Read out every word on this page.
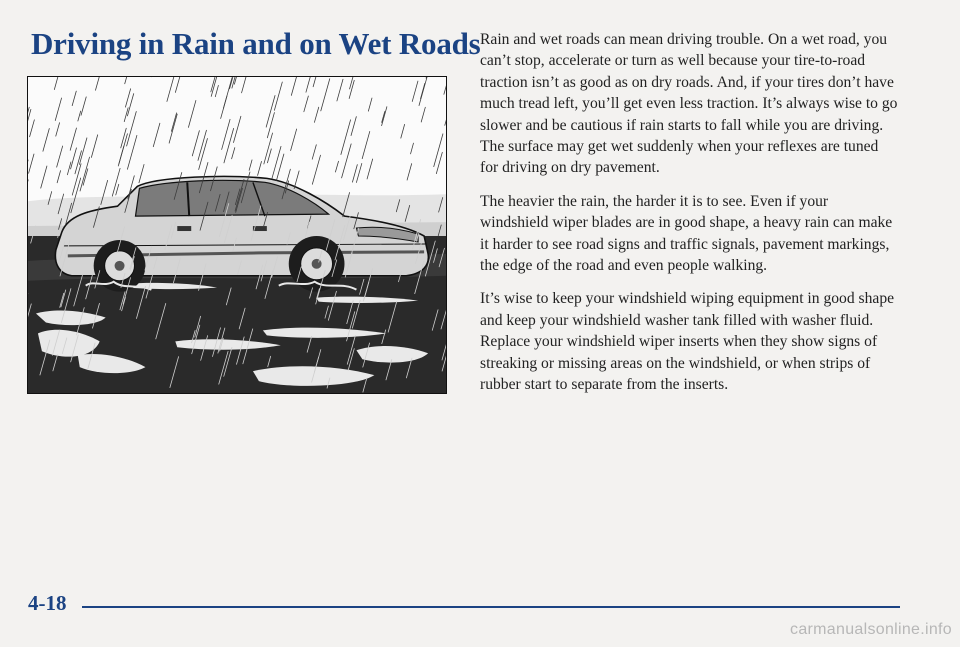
Driving in Rain and on Wet Roads Rain and wet roads can mean driving trouble. On a wet road, you can’t stop, accelerate or turn as well because your tire-to-road traction isn’t as good as on dry roads. And, if your tires don’t have much tread left, you’ll get even less traction. It’s always wise to go slower and be cautious if rain starts to fall while you are driving. The surface may get wet suddenly when your reflexes are tuned for driving on dry pavement.

The heavier the rain, the harder it is to see. Even if your windshield wiper blades are in good shape, a heavy rain can make it harder to see road signs and traffic signals, pavement markings, the edge of the road and even people walking.

It’s wise to keep your windshield wiping equipment in good shape and keep your windshield washer tank filled with washer fluid. Replace your windshield wiper inserts when they show signs of streaking or missing areas on the windshield, or when strips of rubber start to separate from the inserts.

4-18
carmanualsonline.info
